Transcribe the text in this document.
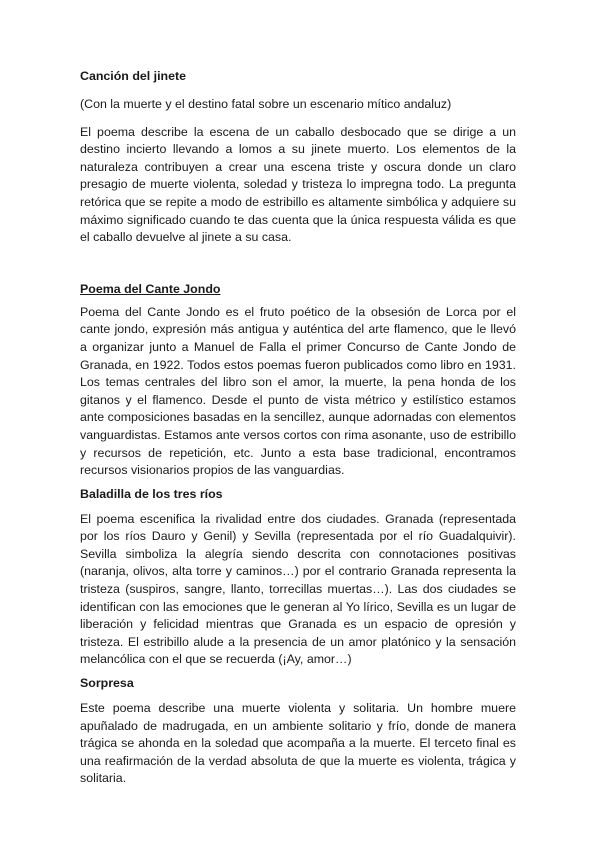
Canción del jinete

(Con la muerte y el destino fatal sobre un escenario mítico andaluz)

El poema describe la escena de un caballo desbocado que se dirige a un destino incierto llevando a lomos a su jinete muerto. Los elementos de la naturaleza contribuyen a crear una escena triste y oscura donde un claro presagio de muerte violenta, soledad y tristeza lo impregna todo. La pregunta retórica que se repite a modo de estribillo es altamente simbólica y adquiere su máximo significado cuando te das cuenta que la única respuesta válida es que el caballo devuelve al jinete a su casa.

Poema del Cante Jondo

Poema del Cante Jondo es el fruto poético de la obsesión de Lorca por el cante jondo, expresión más antigua y auténtica del arte flamenco, que le llevó a organizar junto a Manuel de Falla el primer Concurso de Cante Jondo de Granada, en 1922. Todos estos poemas fueron publicados como libro en 1931. Los temas centrales del libro son el amor, la muerte, la pena honda de los gitanos y el flamenco. Desde el punto de vista métrico y estilístico estamos ante composiciones basadas en la sencillez, aunque adornadas con elementos vanguardistas. Estamos ante versos cortos con rima asonante, uso de estribillo y recursos de repetición, etc. Junto a esta base tradicional, encontramos recursos visionarios propios de las vanguardias.

Baladilla de los tres ríos

El poema escenifica la rivalidad entre dos ciudades. Granada (representada por los ríos Dauro y Genil) y Sevilla (representada por el río Guadalquivir). Sevilla simboliza la alegría siendo descrita con connotaciones positivas (naranja, olivos, alta torre y caminos…) por el contrario Granada representa la tristeza (suspiros, sangre, llanto, torrecillas muertas…). Las dos ciudades se identifican con las emociones que le generan al Yo lírico, Sevilla es un lugar de liberación y felicidad mientras que Granada es un espacio de opresión y tristeza. El estribillo alude a la presencia de un amor platónico y la sensación melancólica con el que se recuerda (¡Ay, amor…)

Sorpresa

Este poema describe una muerte violenta y solitaria. Un hombre muere apuñalado de madrugada, en un ambiente solitario y frío, donde de manera trágica se ahonda en la soledad que acompaña a la muerte. El terceto final es una reafirmación de la verdad absoluta de que la muerte es violenta, trágica y solitaria.
